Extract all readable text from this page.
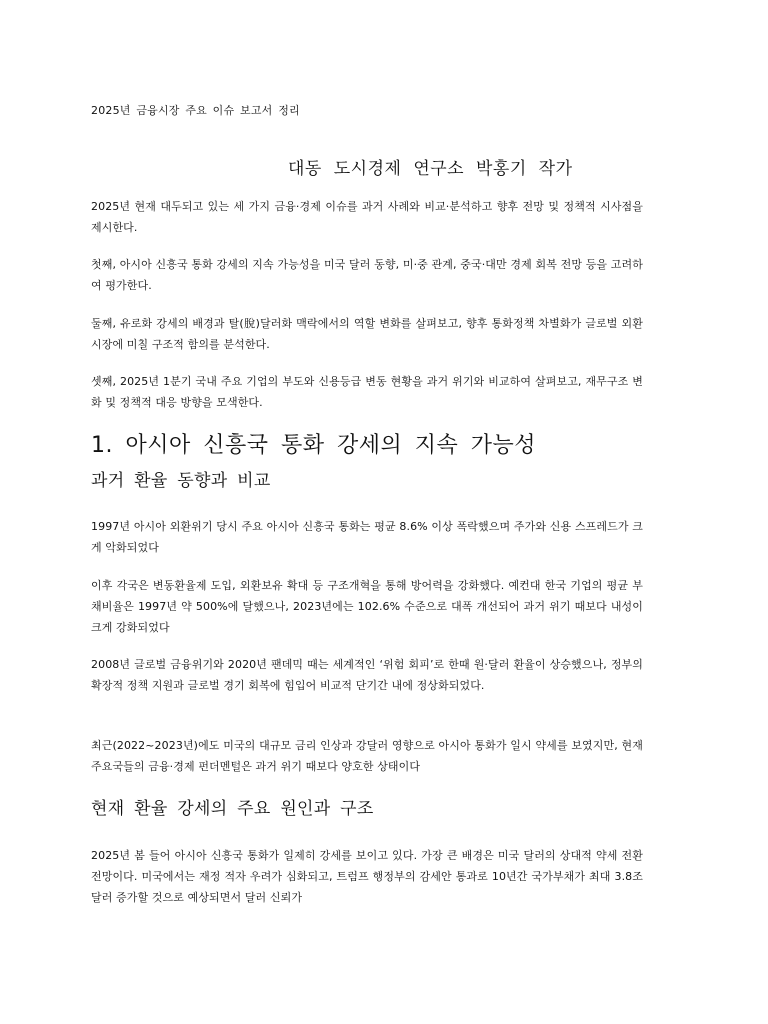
2025년 금융시장 주요 이슈 보고서 정리
대동 도시경제 연구소 박홍기 작가
2025년 현재 대두되고 있는 세 가지 금융·경제 이슈를 과거 사례와 비교·분석하고 향후 전망 및 정책적 시사점을 제시한다.
첫째, 아시아 신흥국 통화 강세의 지속 가능성을 미국 달러 동향, 미·중 관계, 중국·대만 경제 회복 전망 등을 고려하여 평가한다.
둘째, 유로화 강세의 배경과 탈(脫)달러화 맥락에서의 역할 변화를 살펴보고, 향후 통화정책 차별화가 글로벌 외환시장에 미칠 구조적 함의를 분석한다.
셋째, 2025년 1분기 국내 주요 기업의 부도와 신용등급 변동 현황을 과거 위기와 비교하여 살펴보고, 재무구조 변화 및 정책적 대응 방향을 모색한다.
1. 아시아 신흥국 통화 강세의 지속 가능성
과거 환율 동향과 비교
1997년 아시아 외환위기 당시 주요 아시아 신흥국 통화는 평균 8.6% 이상 폭락했으며 주가와 신용 스프레드가 크게 악화되었다
이후 각국은 변동환율제 도입, 외환보유 확대 등 구조개혁을 통해 방어력을 강화했다. 예컨대 한국 기업의 평균 부채비율은 1997년 약 500%에 달했으나, 2023년에는 102.6% 수준으로 대폭 개선되어 과거 위기 때보다 내성이 크게 강화되었다
2008년 글로벌 금융위기와 2020년 팬데믹 때는 세계적인 ‘위험 회피’로 한때 원·달러 환율이 상승했으나, 정부의 확장적 정책 지원과 글로벌 경기 회복에 힘입어 비교적 단기간 내에 정상화되었다.
최근(2022~2023년)에도 미국의 대규모 금리 인상과 강달러 영향으로 아시아 통화가 일시 약세를 보였지만, 현재 주요국들의 금융·경제 펀더멘털은 과거 위기 때보다 양호한 상태이다
현재 환율 강세의 주요 원인과 구조
2025년 봄 들어 아시아 신흥국 통화가 일제히 강세를 보이고 있다. 가장 큰 배경은 미국 달러의 상대적 약세 전환 전망이다. 미국에서는 재정 적자 우려가 심화되고, 트럼프 행정부의 감세안 통과로 10년간 국가부채가 최대 3.8조 달러 증가할 것으로 예상되면서 달러 신뢰가
